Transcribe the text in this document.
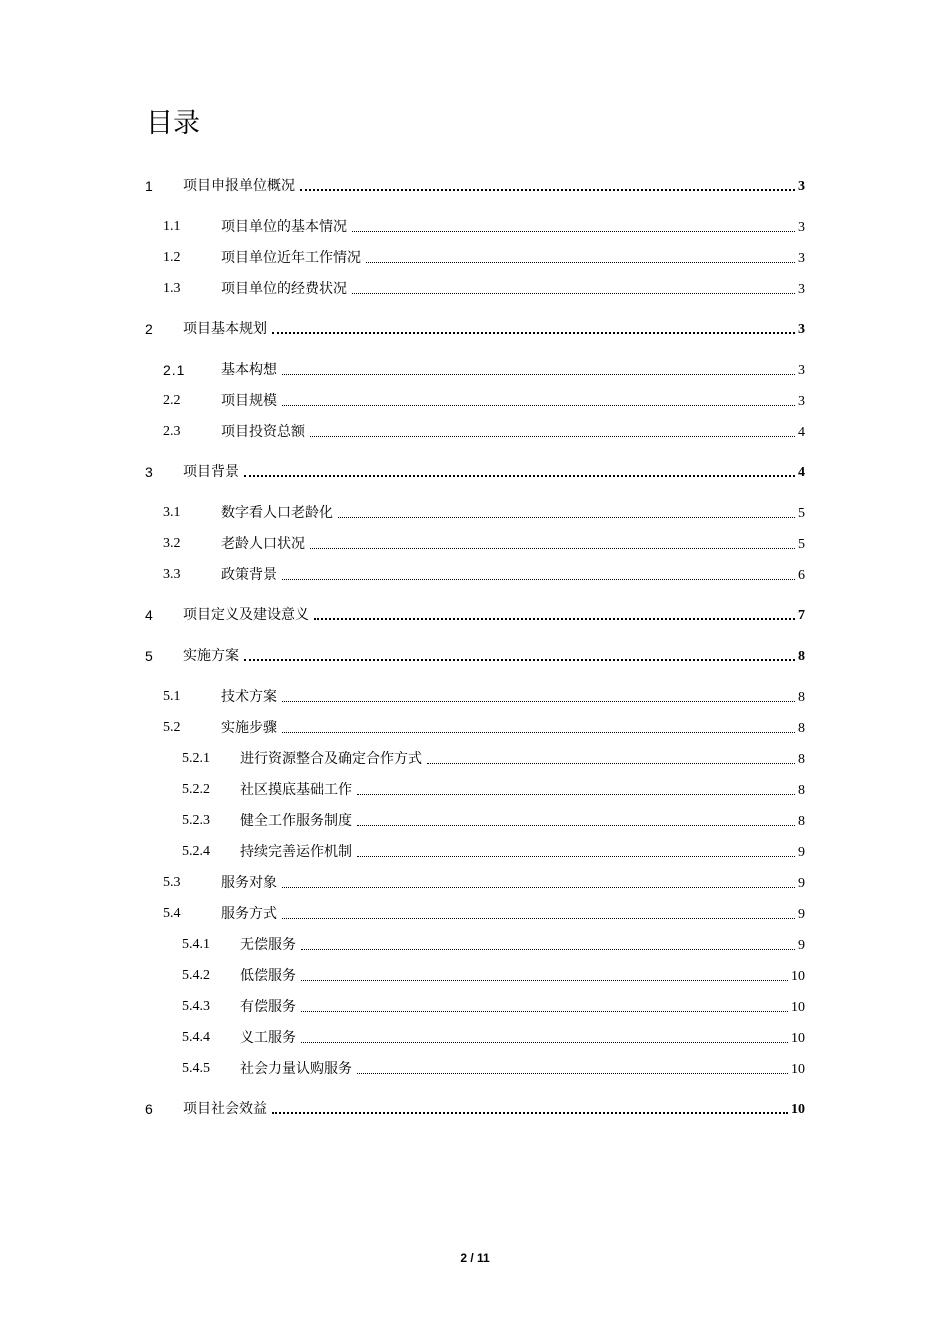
目录
1 项目申报单位概况	3
1.1	项目单位的基本情况	3
1.2	项目单位近年工作情况	3
1.3	项目单位的经费状况	3
2 项目基本规划	3
2.1	基本构想	3
2.2	项目规模	3
2.3	项目投资总额	4
3 项目背景	4
3.1	数字看人口老龄化	5
3.2	老龄人口状况	5
3.3	政策背景	6
4 项目定义及建设意义	7
5 实施方案	8
5.1	技术方案	8
5.2	实施步骤	8
5.2.1 进行资源整合及确定合作方式	8
5.2.2 社区摸底基础工作	8
5.2.3 健全工作服务制度	8
5.2.4 持续完善运作机制	9
5.3	服务对象	9
5.4	服务方式	9
5.4.1 无偿服务	9
5.4.2 低偿服务	10
5.4.3 有偿服务	10
5.4.4 义工服务	10
5.4.5 社会力量认购服务	10
6 项目社会效益	10
2 / 11
